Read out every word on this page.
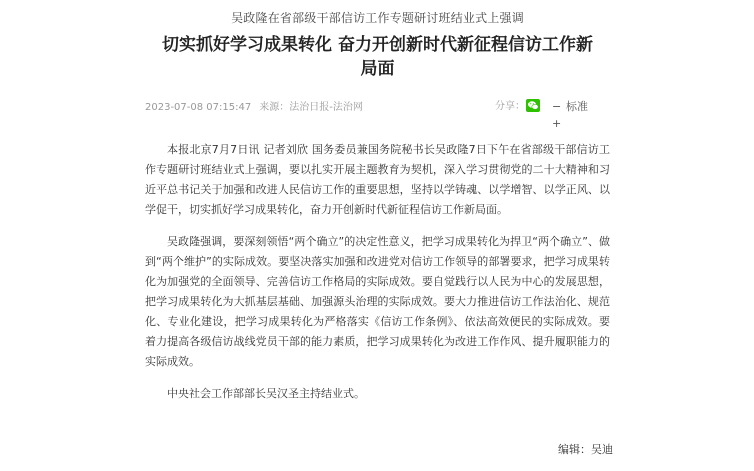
吴政隆在省部级干部信访工作专题研讨班结业式上强调
切实抓好学习成果转化 奋力开创新时代新征程信访工作新局面
2023-07-08 07:15:47 来源：法治日报-法治网	分享： − 标准
+

本报北京7月7日讯 记者刘欣 国务委员兼国务院秘书长吴政隆7日下午在省部级干部信访工作专题研讨班结业式上强调，要以扎实开展主题教育为契机，深入学习贯彻党的二十大精神和习近平总书记关于加强和改进人民信访工作的重要思想，坚持以学铸魂、以学增智、以学正风、以学促干，切实抓好学习成果转化，奋力开创新时代新征程信访工作新局面。

吴政隆强调，要深刻领悟“两个确立”的决定性意义，把学习成果转化为捍卫“两个确立”、做到“两个维护”的实际成效。要坚决落实加强和改进党对信访工作领导的部署要求，把学习成果转化为加强党的全面领导、完善信访工作格局的实际成效。要自觉践行以人民为中心的发展思想，把学习成果转化为大抓基层基础、加强源头治理的实际成效。要大力推进信访工作法治化、规范化、专业化建设，把学习成果转化为严格落实《信访工作条例》、依法高效便民的实际成效。要着力提高各级信访战线党员干部的能力素质，把学习成果转化为改进工作作风、提升履职能力的实际成效。

中央社会工作部部长吴汉圣主持结业式。

编辑：吴迪
